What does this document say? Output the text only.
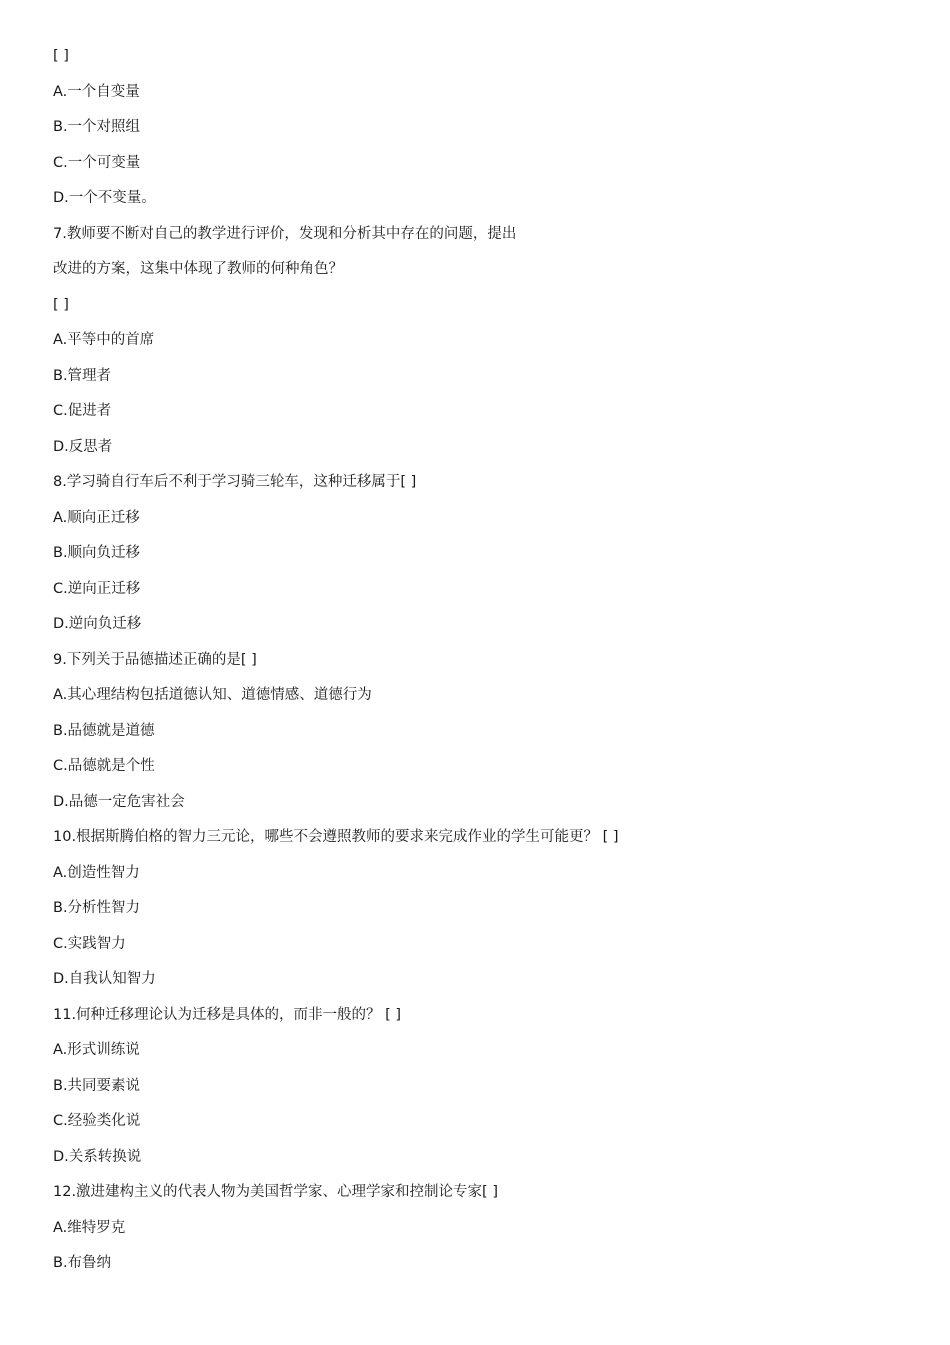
[ ]
A.一个自变量
B.一个对照组
C.一个可变量
D.一个不变量。
7.教师要不断对自己的教学进行评价，发现和分析其中存在的问题，提出
改进的方案，这集中体现了教师的何种角色？
[ ]
A.平等中的首席
B.管理者
C.促进者
D.反思者
8.学习骑自行车后不利于学习骑三轮车，这种迁移属于[ ]
A.顺向正迁移
B.顺向负迁移
C.逆向正迁移
D.逆向负迁移
9.下列关于品德描述正确的是[ ]
A.其心理结构包括道德认知、道德情感、道德行为
B.品德就是道德
C.品德就是个性
D.品德一定危害社会
10.根据斯腾伯格的智力三元论，哪些不会遵照教师的要求来完成作业的学生可能更？ [ ]
A.创造性智力
B.分析性智力
C.实践智力
D.自我认知智力
11.何种迁移理论认为迁移是具体的，而非一般的？ [ ]
A.形式训练说
B.共同要素说
C.经验类化说
D.关系转换说
12.激进建构主义的代表人物为美国哲学家、心理学家和控制论专家[ ]
A.维特罗克
B.布鲁纳
